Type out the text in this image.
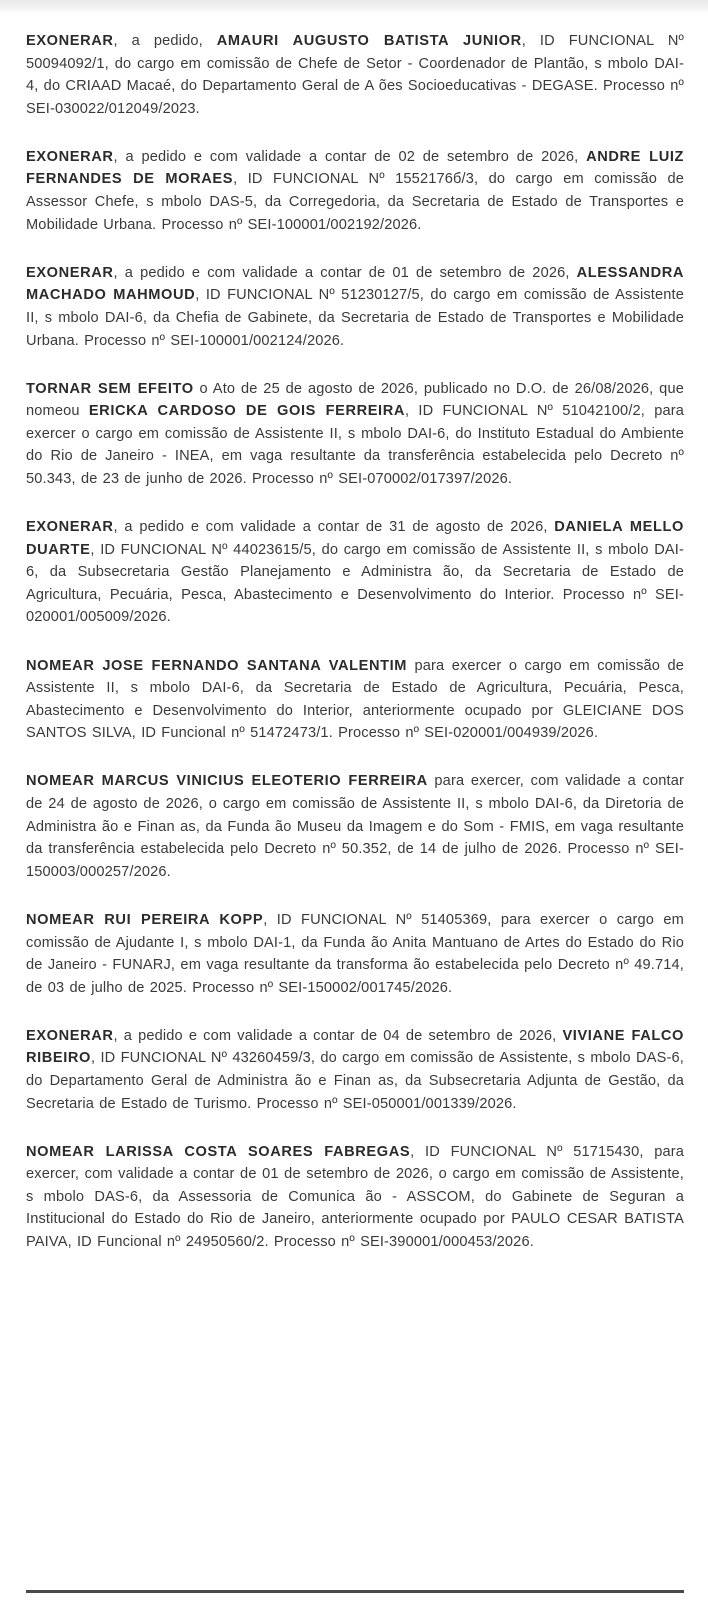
EXONERAR, a pedido, AMAURI AUGUSTO BATISTA JUNIOR, ID FUNCIONAL Nº 50094092/1, do cargo em comissão de Chefe de Setor - Coordenador de Plantão, s mbolo DAI-4, do CRIAAD Macaé, do Departamento Geral de A ões Socioeducativas - DEGASE. Processo nº SEI-030022/012049/2023.

EXONERAR, a pedido e com validade a contar de 02 de setembro de 2026, ANDRE LUIZ FERNANDES DE MORAES, ID FUNCIONAL Nº 1552176б/3, do cargo em comissão de Assessor Chefe, s mbolo DAS-5, da Corregedoria, da Secretaria de Estado de Transportes e Mobilidade Urbana. Processo nº SEI-100001/002192/2026.

EXONERAR, a pedido e com validade a contar de 01 de setembro de 2026, ALESSANDRA MACHADO MAHMOUD, ID FUNCIONAL Nº 51230127/5, do cargo em comissão de Assistente II, s mbolo DAI-6, da Chefia de Gabinete, da Secretaria de Estado de Transportes e Mobilidade Urbana. Processo nº SEI-100001/002124/2026.

TORNAR SEM EFEITO o Ato de 25 de agosto de 2026, publicado no D.O. de 26/08/2026, que nomeou ERICKA CARDOSO DE GOIS FERREIRA, ID FUNCIONAL Nº 51042100/2, para exercer o cargo em comissão de Assistente II, s mbolo DAI-6, do Instituto Estadual do Ambiente do Rio de Janeiro - INEA, em vaga resultante da transferência estabelecida pelo Decreto nº 50.343, de 23 de junho de 2026. Processo nº SEI-070002/017397/2026.

EXONERAR, a pedido e com validade a contar de 31 de agosto de 2026, DANIELA MELLO DUARTE, ID FUNCIONAL Nº 44023615/5, do cargo em comissão de Assistente II, s mbolo DAI-6, da Subsecretaria Gestão Planejamento e Administra ão, da Secretaria de Estado de Agricultura, Pecuária, Pesca, Abastecimento e Desenvolvimento do Interior. Processo nº SEI-020001/005009/2026.

NOMEAR JOSE FERNANDO SANTANA VALENTIM para exercer o cargo em comissão de Assistente II, s mbolo DAI-6, da Secretaria de Estado de Agricultura, Pecuária, Pesca, Abastecimento e Desenvolvimento do Interior, anteriormente ocupado por GLEICIANE DOS SANTOS SILVA, ID Funcional nº 51472473/1. Processo nº SEI-020001/004939/2026.

NOMEAR MARCUS VINICIUS ELEOTERIO FERREIRA para exercer, com validade a contar de 24 de agosto de 2026, o cargo em comissão de Assistente II, s mbolo DAI-6, da Diretoria de Administra ão e Finan as, da Funda ão Museu da Imagem e do Som - FMIS, em vaga resultante da transferência estabelecida pelo Decreto nº 50.352, de 14 de julho de 2026. Processo nº SEI-150003/000257/2026.

NOMEAR RUI PEREIRA KOPP, ID FUNCIONAL Nº 51405369, para exercer o cargo em comissão de Ajudante I, s mbolo DAI-1, da Funda ão Anita Mantuano de Artes do Estado do Rio de Janeiro - FUNARJ, em vaga resultante da transforma ão estabelecida pelo Decreto nº 49.714, de 03 de julho de 2025. Processo nº SEI-150002/001745/2026.

EXONERAR, a pedido e com validade a contar de 04 de setembro de 2026, VIVIANE FALCO RIBEIRO, ID FUNCIONAL Nº 43260459/3, do cargo em comissão de Assistente, s mbolo DAS-6, do Departamento Geral de Administra ão e Finan as, da Subsecretaria Adjunta de Gestão, da Secretaria de Estado de Turismo. Processo nº SEI-050001/001339/2026.

NOMEAR LARISSA COSTA SOARES FABREGAS, ID FUNCIONAL Nº 51715430, para exercer, com validade a contar de 01 de setembro de 2026, o cargo em comissão de Assistente, s mbolo DAS-6, da Assessoria de Comunica ão - ASSCOM, do Gabinete de Seguran a Institucional do Estado do Rio de Janeiro, anteriormente ocupado por PAULO CESAR BATISTA PAIVA, ID Funcional nº 24950560/2. Processo nº SEI-390001/000453/2026.
